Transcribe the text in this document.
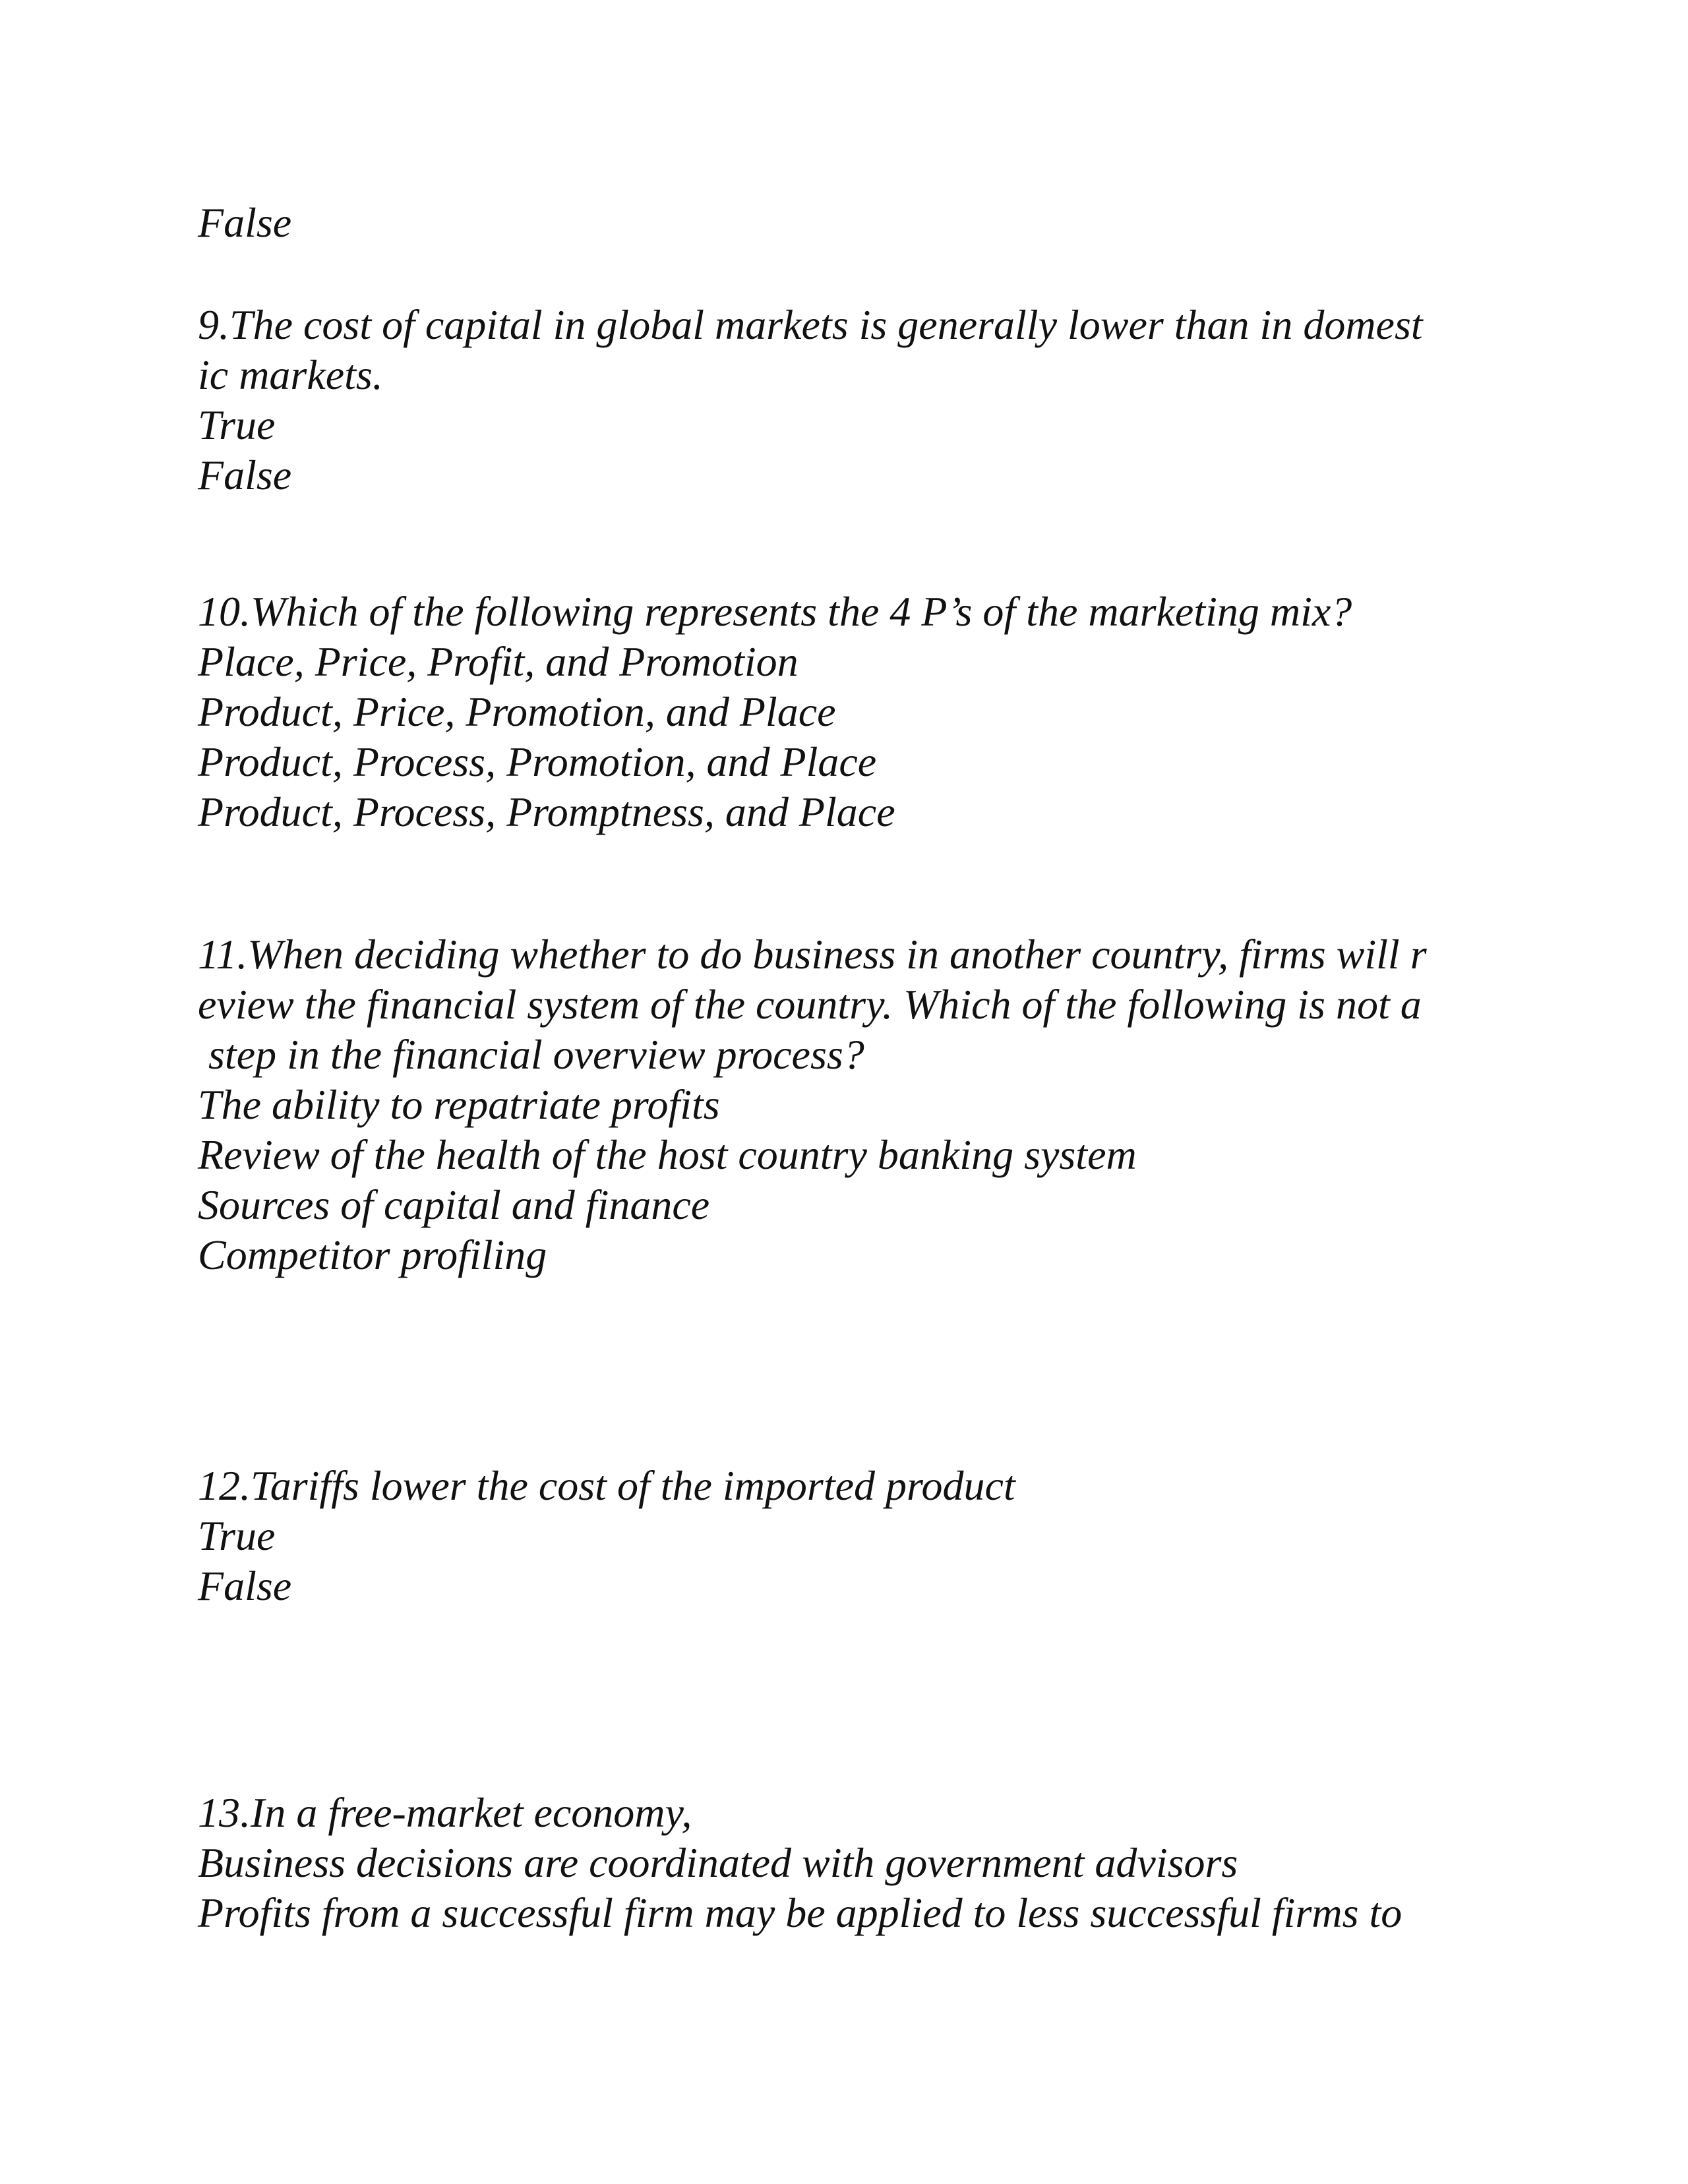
False
9.The cost of capital in global markets is generally lower than in domest
ic markets.
True
False
10.Which of the following represents the 4 P’s of the marketing mix?
Place, Price, Profit, and Promotion
Product, Price, Promotion, and Place
Product, Process, Promotion, and Place
Product, Process, Promptness, and Place
11.When deciding whether to do business in another country, firms will r
eview the financial system of the country. Which of the following is not a
step in the financial overview process?
The ability to repatriate profits
Review of the health of the host country banking system
Sources of capital and finance
Competitor profiling
12.Tariffs lower the cost of the imported product
True
False
13.In a free-market economy,
Business decisions are coordinated with government advisors
Profits from a successful firm may be applied to less successful firms to
